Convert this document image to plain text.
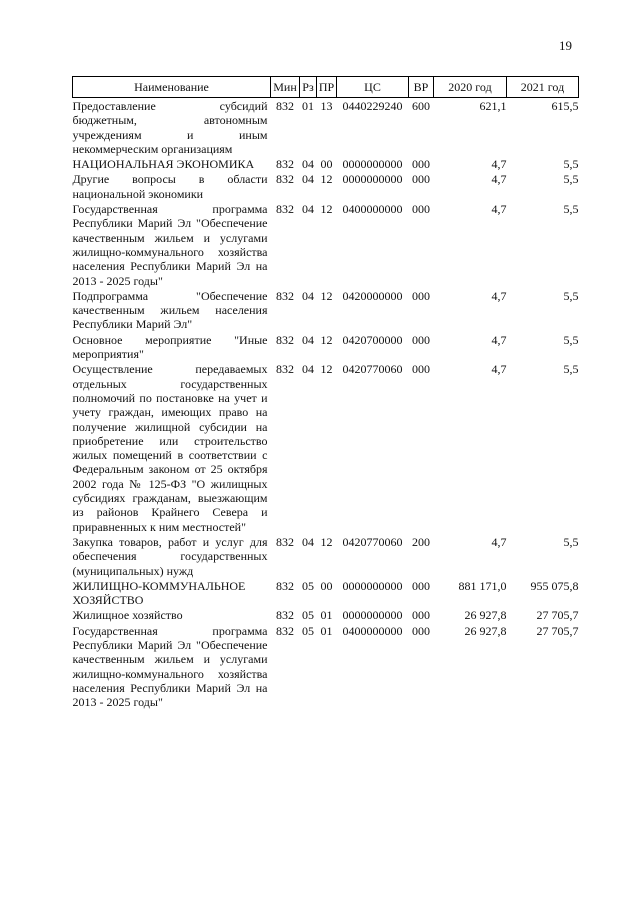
19
Наименование	Мин	Рз	ПР	ЦС	ВР	2020 год	2021 год
Предоставление субсидий бюджетным, автономным учреждениям и иным некоммерческим организациям	832	01	13	0440229240	600	621,1	615,5
НАЦИОНАЛЬНАЯ ЭКОНОМИКА	832	04	00	0000000000	000	4,7	5,5
Другие вопросы в области национальной экономики	832	04	12	0000000000	000	4,7	5,5
Государственная программа Республики Марий Эл "Обеспечение качественным жильем и услугами жилищно-коммунального хозяйства населения Республики Марий Эл на 2013 - 2025 годы"	832	04	12	0400000000	000	4,7	5,5
Подпрограмма "Обеспечение качественным жильем населения Республики Марий Эл"	832	04	12	0420000000	000	4,7	5,5
Основное мероприятие "Иные мероприятия"	832	04	12	0420700000	000	4,7	5,5
Осуществление передаваемых отдельных государственных полномочий по постановке на учет и учету граждан, имеющих право на получение жилищной субсидии на приобретение или строительство жилых помещений в соответствии с Федеральным законом от 25 октября 2002 года № 125-ФЗ "О жилищных субсидиях гражданам, выезжающим из районов Крайнего Севера и приравненных к ним местностей"	832	04	12	0420770060	000	4,7	5,5
Закупка товаров, работ и услуг для обеспечения государственных (муниципальных) нужд	832	04	12	0420770060	200	4,7	5,5
ЖИЛИЩНО-КОММУНАЛЬНОЕ ХОЗЯЙСТВО	832	05	00	0000000000	000	881 171,0	955 075,8
Жилищное хозяйство	832	05	01	0000000000	000	26 927,8	27 705,7
Государственная программа Республики Марий Эл "Обеспечение качественным жильем и услугами жилищно-коммунального хозяйства населения Республики Марий Эл на 2013 - 2025 годы"	832	05	01	0400000000	000	26 927,8	27 705,7
